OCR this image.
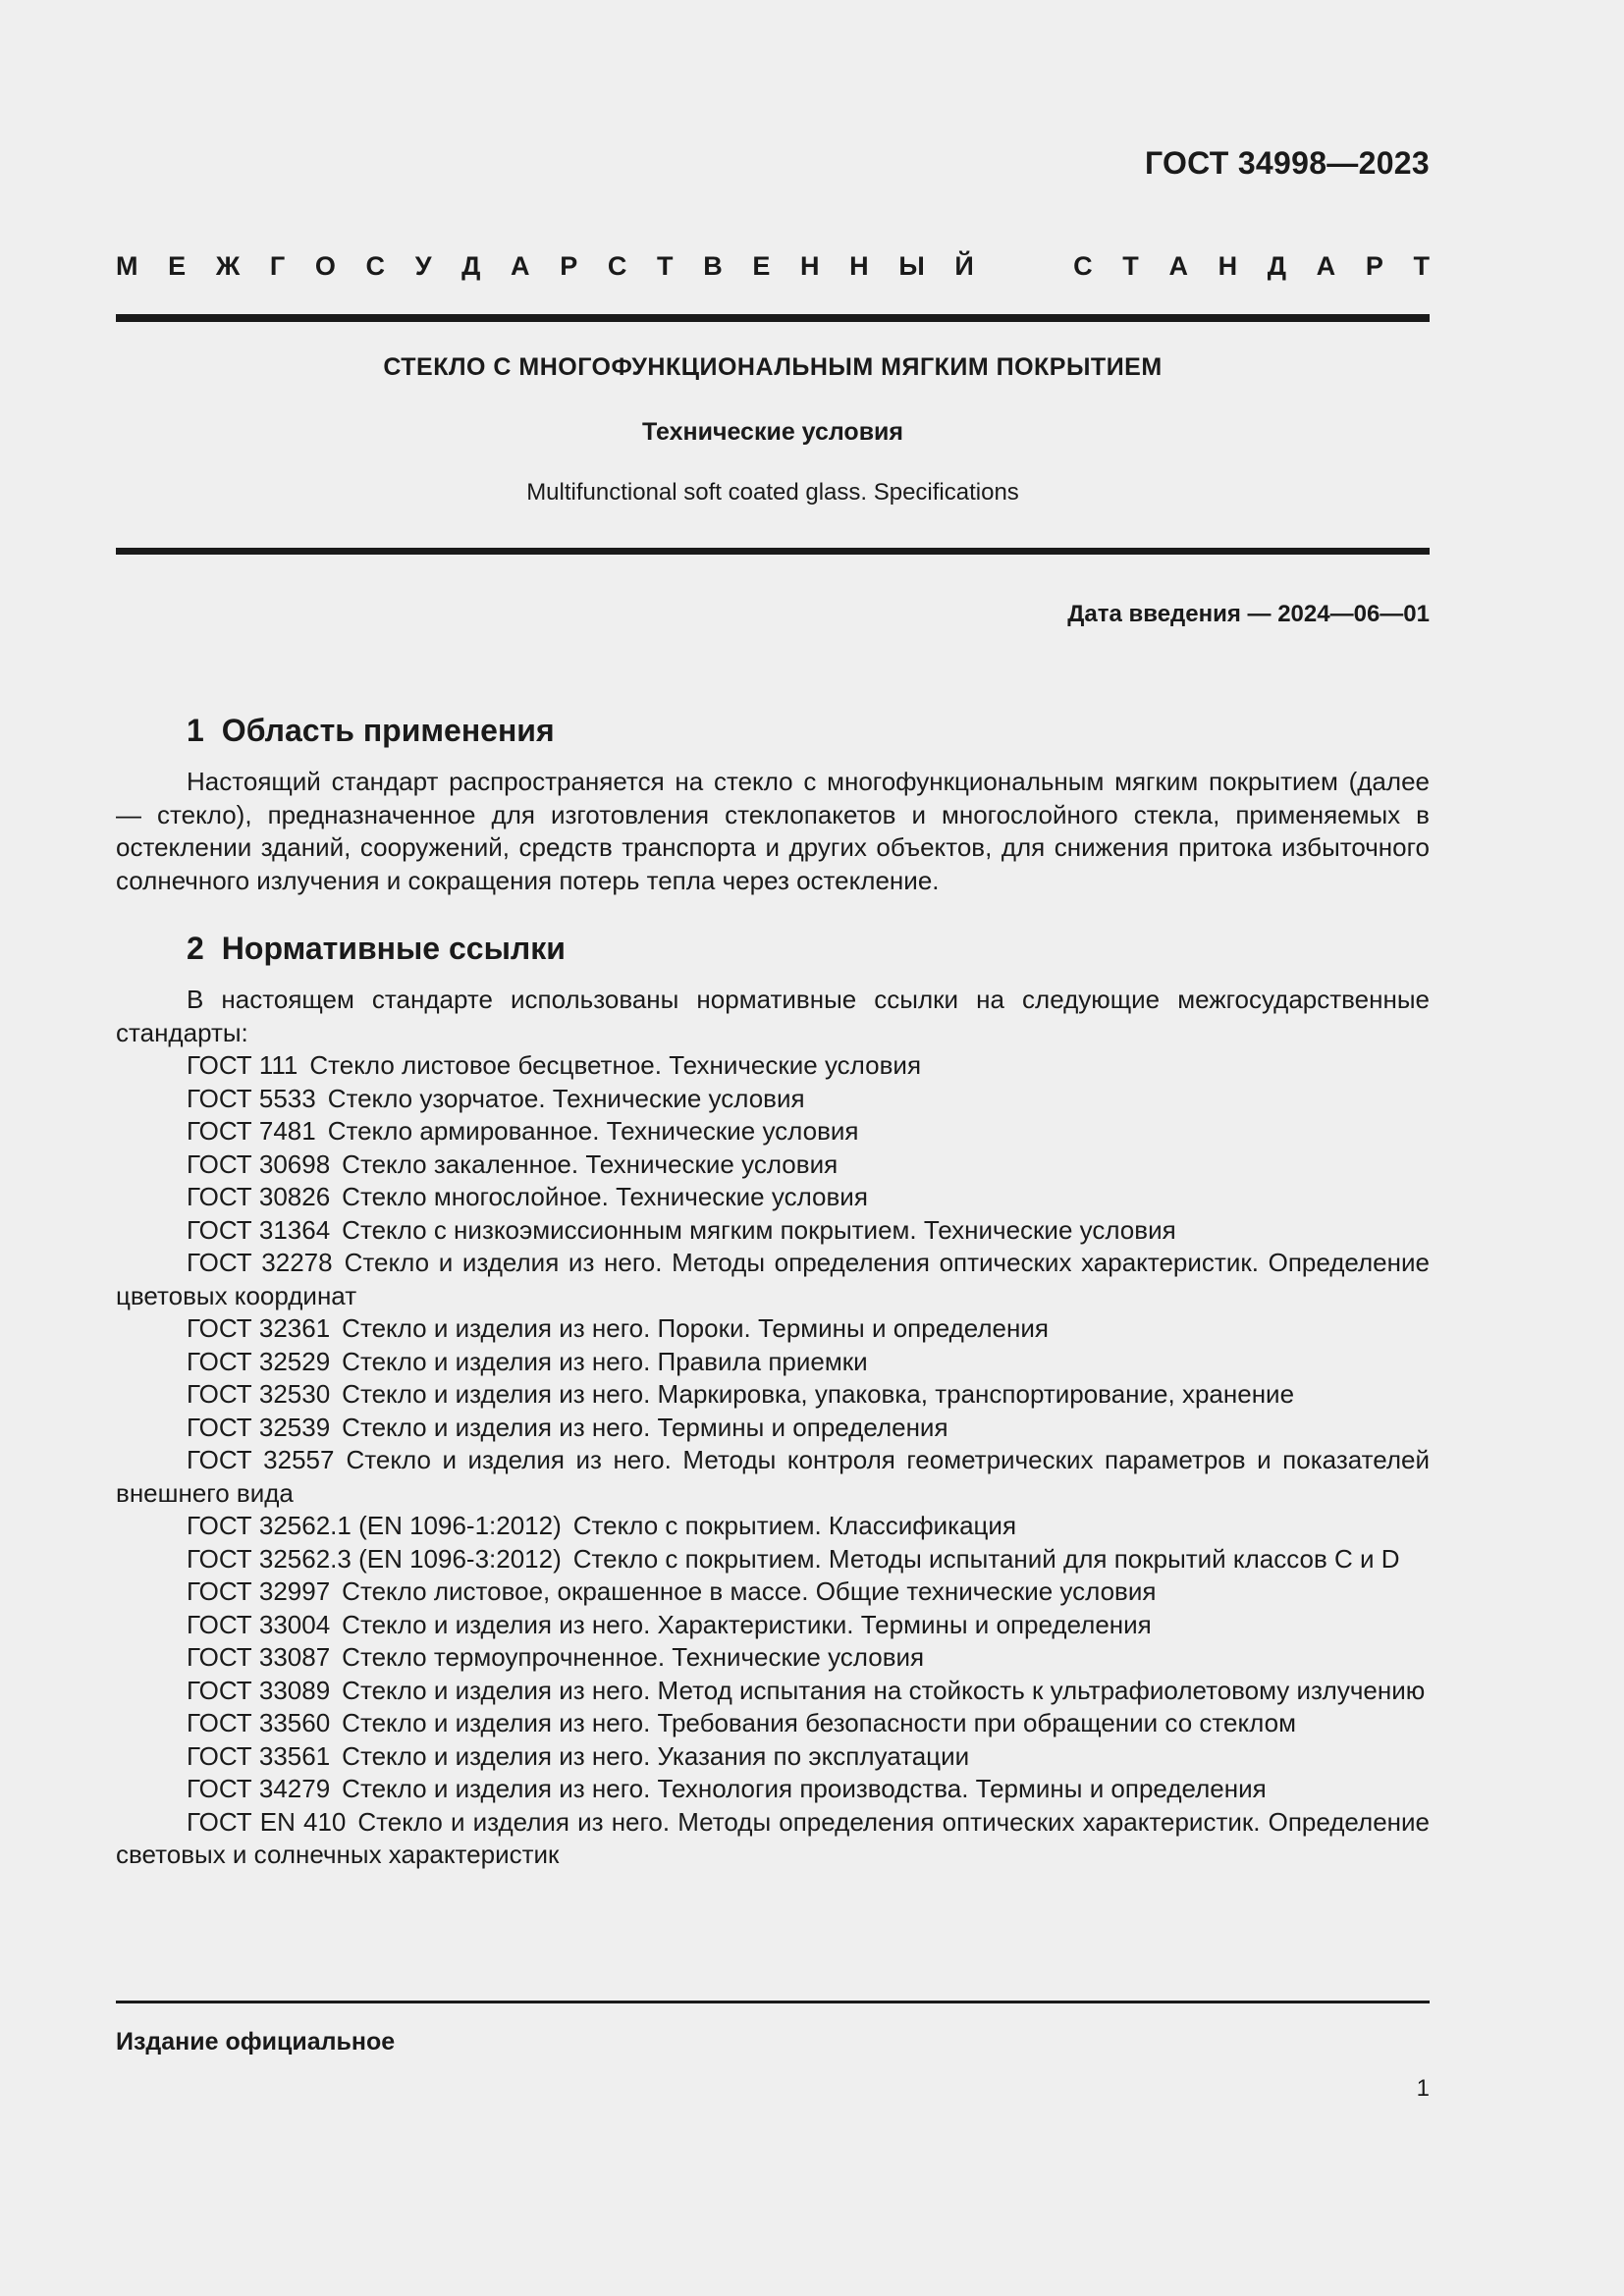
ГОСТ 34998—2023
М Е Ж Г О С У Д А Р С Т В Е Н Н Ы Й	С Т А Н Д А Р Т
СТЕКЛО С МНОГОФУНКЦИОНАЛЬНЫМ МЯГКИМ ПОКРЫТИЕМ
Технические условия
Multifunctional soft coated glass. Specifications
Дата введения — 2024—06—01
1 Область применения

Настоящий стандарт распространяется на стекло с многофункциональным мягким покрытием (далее — стекло), предназначенное для изготовления стеклопакетов и многослойного стекла, применяемых в остеклении зданий, сооружений, средств транспорта и других объектов, для снижения притока избыточного солнечного излучения и сокращения потерь тепла через остекление.

2 Нормативные ссылки

В настоящем стандарте использованы нормативные ссылки на следующие межгосударственные стандарты:

ГОСТ 111 Стекло листовое бесцветное. Технические условия
ГОСТ 5533 Стекло узорчатое. Технические условия
ГОСТ 7481 Стекло армированное. Технические условия
ГОСТ 30698 Стекло закаленное. Технические условия
ГОСТ 30826 Стекло многослойное. Технические условия
ГОСТ 31364 Стекло с низкоэмиссионным мягким покрытием. Технические условия
ГОСТ 32278 Стекло и изделия из него. Методы определения оптических характеристик. Определение цветовых координат
ГОСТ 32361 Стекло и изделия из него. Пороки. Термины и определения
ГОСТ 32529 Стекло и изделия из него. Правила приемки
ГОСТ 32530 Стекло и изделия из него. Маркировка, упаковка, транспортирование, хранение
ГОСТ 32539 Стекло и изделия из него. Термины и определения
ГОСТ 32557 Стекло и изделия из него. Методы контроля геометрических параметров и показателей внешнего вида
ГОСТ 32562.1 (EN 1096-1:2012) Стекло с покрытием. Классификация
ГОСТ 32562.3 (EN 1096-3:2012) Стекло с покрытием. Методы испытаний для покрытий классов C и D
ГОСТ 32997 Стекло листовое, окрашенное в массе. Общие технические условия
ГОСТ 33004 Стекло и изделия из него. Характеристики. Термины и определения
ГОСТ 33087 Стекло термоупрочненное. Технические условия
ГОСТ 33089 Стекло и изделия из него. Метод испытания на стойкость к ультрафиолетовому излучению
ГОСТ 33560 Стекло и изделия из него. Требования безопасности при обращении со стеклом
ГОСТ 33561 Стекло и изделия из него. Указания по эксплуатации
ГОСТ 34279 Стекло и изделия из него. Технология производства. Термины и определения
ГОСТ EN 410 Стекло и изделия из него. Методы определения оптических характеристик. Определение световых и солнечных характеристик
Издание официальное
1
